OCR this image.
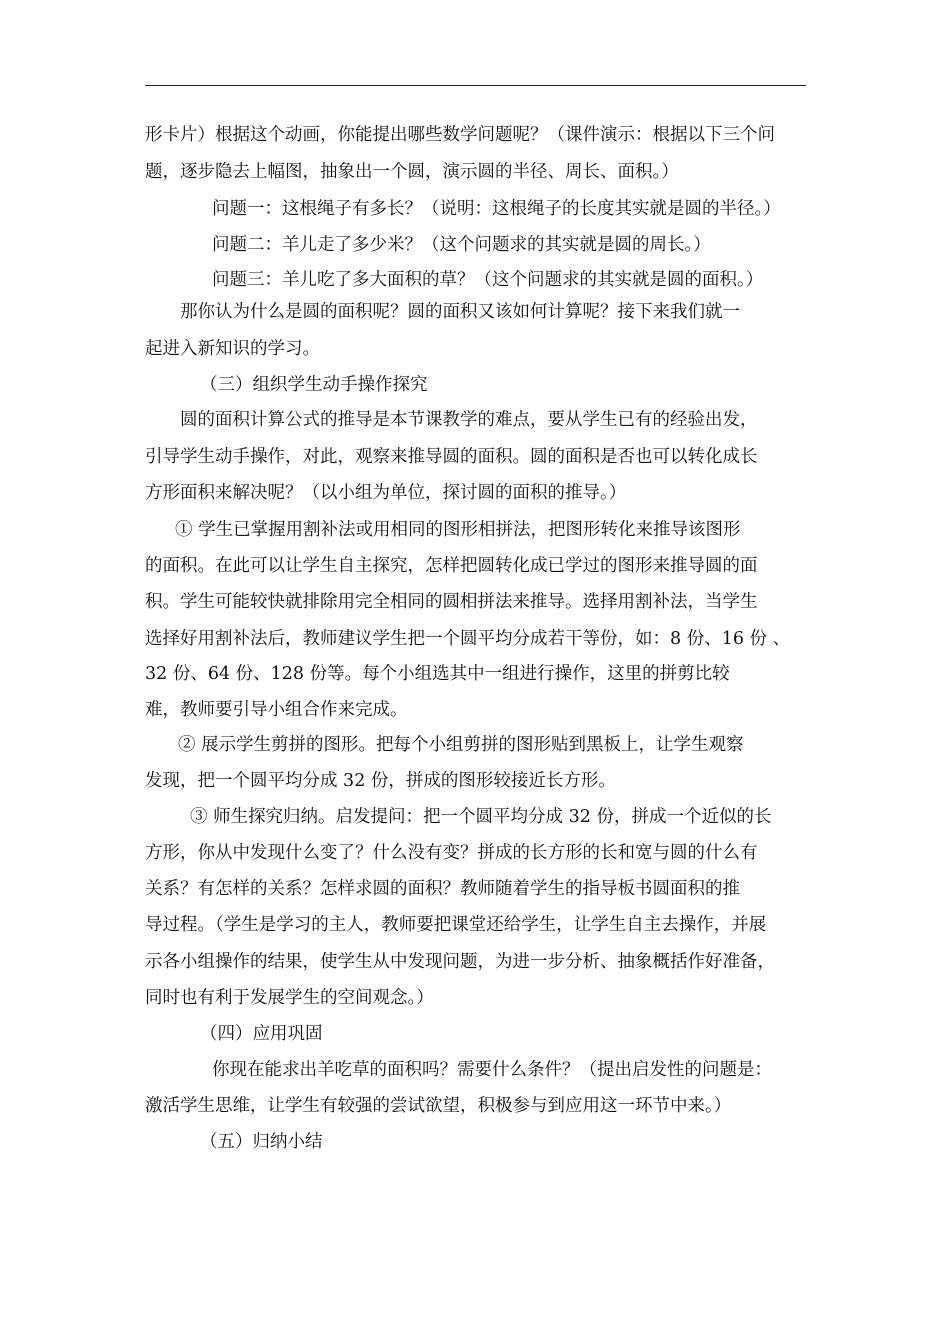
形卡片）根据这个动画，你能提出哪些数学问题呢？（课件演示：根据以下三个问
题，逐步隐去上幅图，抽象出一个圆，演示圆的半径、周长、面积。）
问题一：这根绳子有多长？（说明：这根绳子的长度其实就是圆的半径。）
问题二：羊儿走了多少米？（这个问题求的其实就是圆的周长。）
问题三：羊儿吃了多大面积的草？（这个问题求的其实就是圆的面积。）
那你认为什么是圆的面积呢？圆的面积又该如何计算呢？接下来我们就一
起进入新知识的学习。
（三）组织学生动手操作探究
圆的面积计算公式的推导是本节课教学的难点，要从学生已有的经验出发，
引导学生动手操作，对此，观察来推导圆的面积。圆的面积是否也可以转化成长
方形面积来解决呢？（以小组为单位，探讨圆的面积的推导。）
① 学生已掌握用割补法或用相同的图形相拼法，把图形转化来推导该图形
的面积。在此可以让学生自主探究，怎样把圆转化成已学过的图形来推导圆的面
积。学生可能较快就排除用完全相同的圆相拼法来推导。选择用割补法，当学生
选择好用割补法后，教师建议学生把一个圆平均分成若干等份，如：8 份、16 份 、
32 份、64 份、128 份等。每个小组选其中一组进行操作，这里的拼剪比较
难，教师要引导小组合作来完成。
② 展示学生剪拼的图形。把每个小组剪拼的图形贴到黑板上，让学生观察
发现，把一个圆平均分成 32 份，拼成的图形较接近长方形。
③ 师生探究归纳。启发提问：把一个圆平均分成 32 份，拼成一个近似的长
方形，你从中发现什么变了？什么没有变？拼成的长方形的长和宽与圆的什么有
关系？有怎样的关系？怎样求圆的面积？教师随着学生的指导板书圆面积的推
导过程。（学生是学习的主人，教师要把课堂还给学生，让学生自主去操作，并展
示各小组操作的结果，使学生从中发现问题，为进一步分析、抽象概括作好准备，
同时也有利于发展学生的空间观念。）
（四）应用巩固
你现在能求出羊吃草的面积吗？需要什么条件？（提出启发性的问题是：
激活学生思维，让学生有较强的尝试欲望，积极参与到应用这一环节中来。）
（五）归纳小结
